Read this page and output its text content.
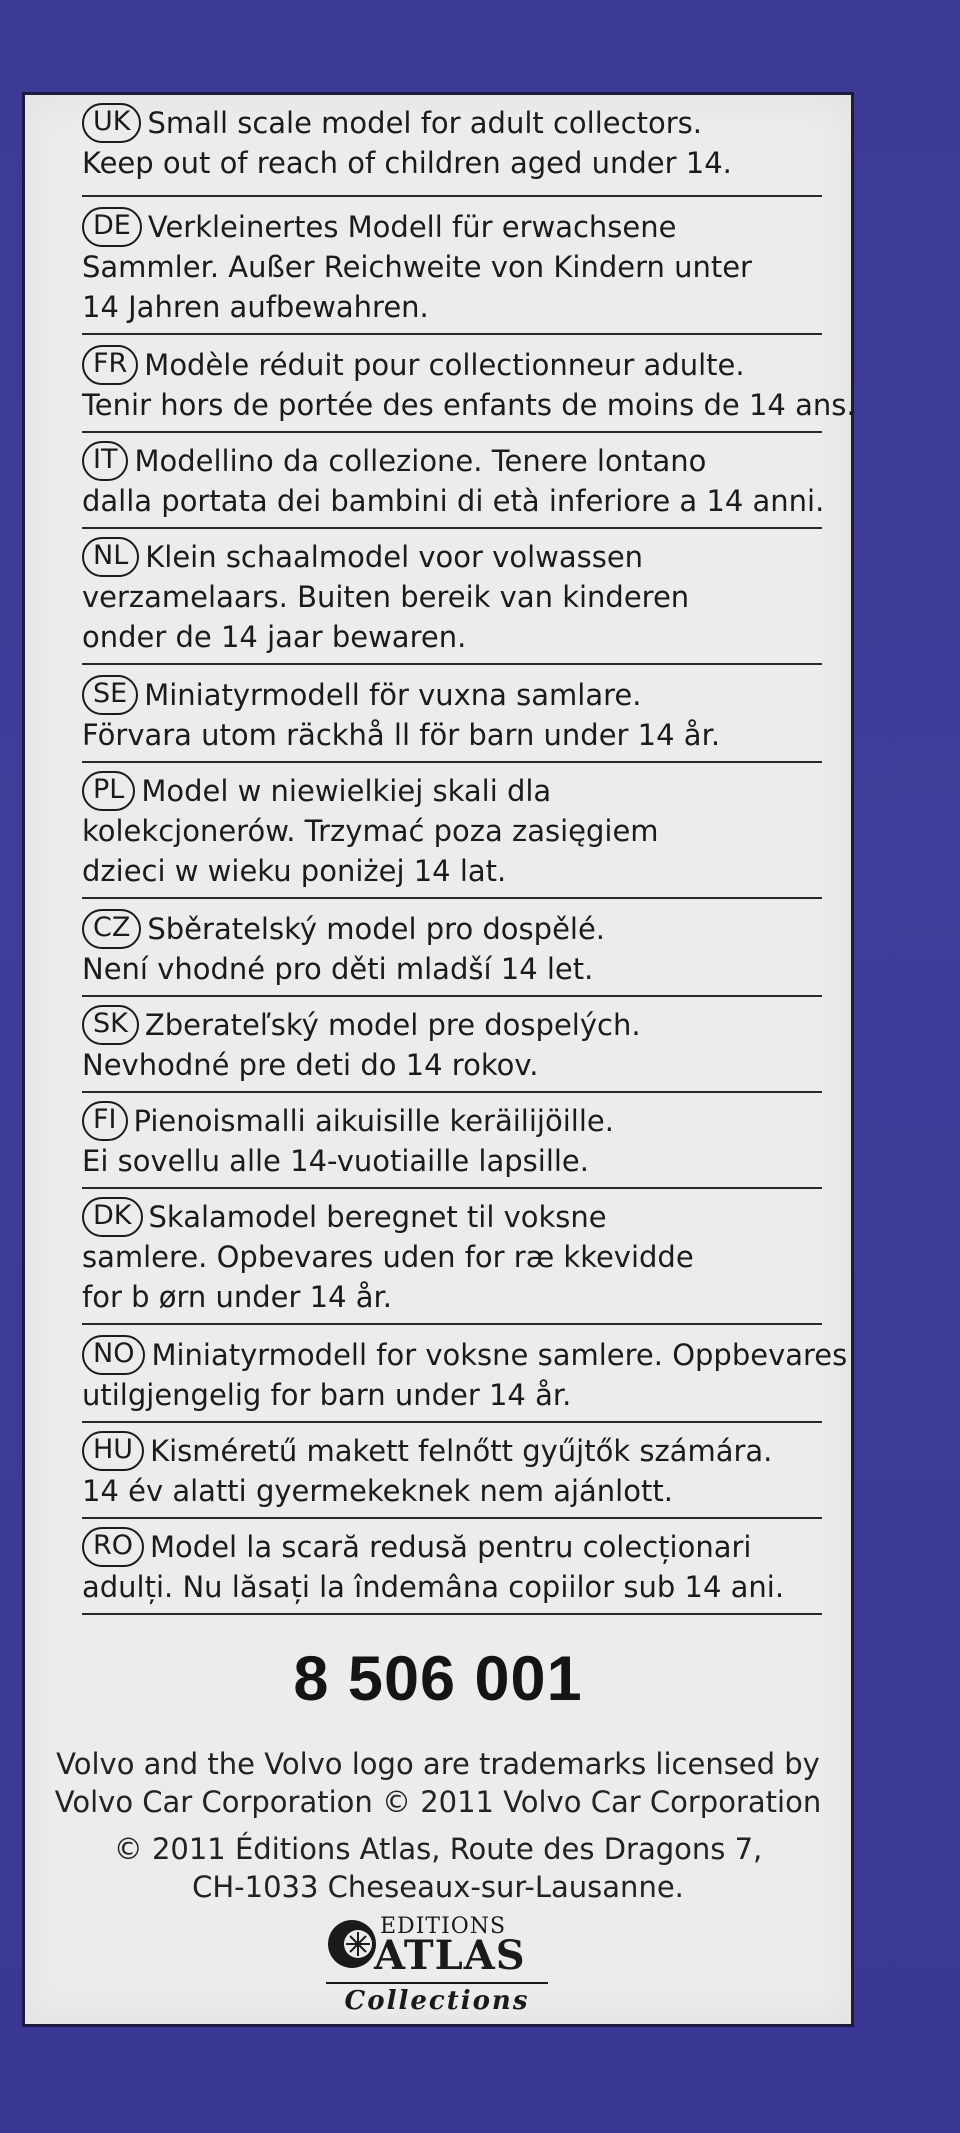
UK Small scale model for adult collectors.
Keep out of reach of children aged under 14.
DE Verkleinertes Modell für erwachsene
Sammler. Außer Reichweite von Kindern unter
14 Jahren aufbewahren.
FR Modèle réduit pour collectionneur adulte.
Tenir hors de portée des enfants de moins de 14 ans.
IT Modellino da collezione. Tenere lontano
dalla portata dei bambini di età inferiore a 14 anni.
NL Klein schaalmodel voor volwassen
verzamelaars. Buiten bereik van kinderen
onder de 14 jaar bewaren.
SE Miniatyrmodell för vuxna samlare.
Förvara utom räckhå ll för barn under 14 år.
PL Model w niewielkiej skali dla
kolekcjonerów. Trzymać poza zasięgiem
dzieci w wieku poniżej 14 lat.
CZ Sběratelský model pro dospělé.
Není vhodné pro děti mladší 14 let.
SK Zberateľský model pre dospelých.
Nevhodné pre deti do 14 rokov.
FI Pienoismalli aikuisille keräilijöille.
Ei sovellu alle 14-vuotiaille lapsille.
DK Skalamodel beregnet til voksne
samlere. Opbevares uden for ræ kkevidde
for b ørn under 14 år.
NO Miniatyrmodell for voksne samlere. Oppbevares
utilgjengelig for barn under 14 år.
HU Kisméretű makett felnőtt gyűjtők számára.
14 év alatti gyermekeknek nem ajánlott.
RO Model la scară redusă pentru colecționari
adulți. Nu lăsați la îndemâna copiilor sub 14 ani.
8 506 001
Volvo and the Volvo logo are trademarks licensed by
Volvo Car Corporation © 2011 Volvo Car Corporation
© 2011 Éditions Atlas, Route des Dragons 7,
CH-1033 Cheseaux-sur-Lausanne.
EDITIONS
ATLAS
Collections
